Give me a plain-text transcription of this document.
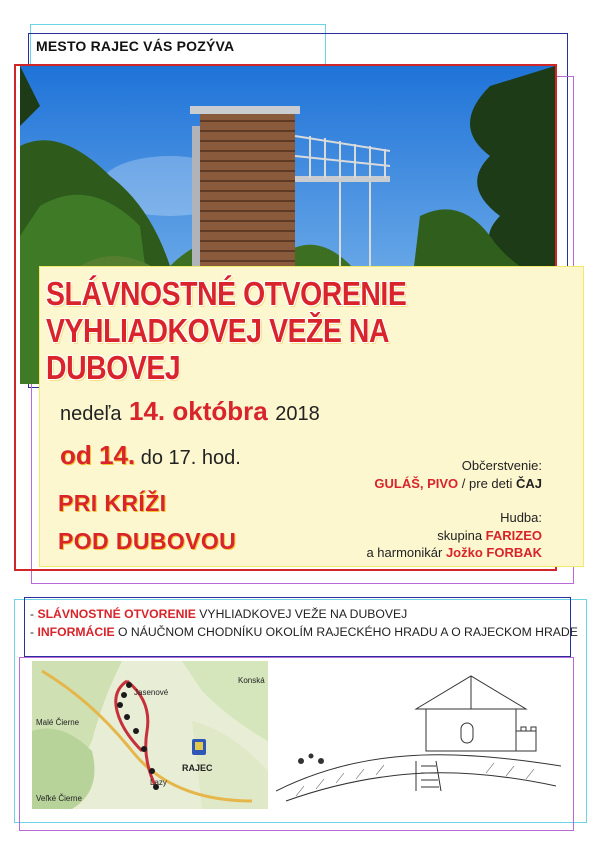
MESTO RAJEC VÁS POZÝVA
SLÁVNOSTNÉ OTVORENIE
VYHLIADKOVEJ VEŽE NA DUBOVEJ
nedeľa 14. októbra 2018
od 14. do 17. hod.
PRI KRÍŽI
POD DUBOVOU
Občerstvenie:
GULÁŠ, PIVO / pre deti ČAJ
Hudba:
skupina FARIZEO
a harmonikár Jožko FORBAK
- SLÁVNOSTNÉ OTVORENIE VYHLIADKOVEJ VEŽE NA DUBOVEJ
- INFORMÁCIE O NÁUČNOM CHODNÍKU OKOLÍM RAJECKÉHO HRADU A O RAJECKOM HRADE
Jasenové
Malé Čierne
Konská
RAJEC
Veľké Čierne
Lazy
